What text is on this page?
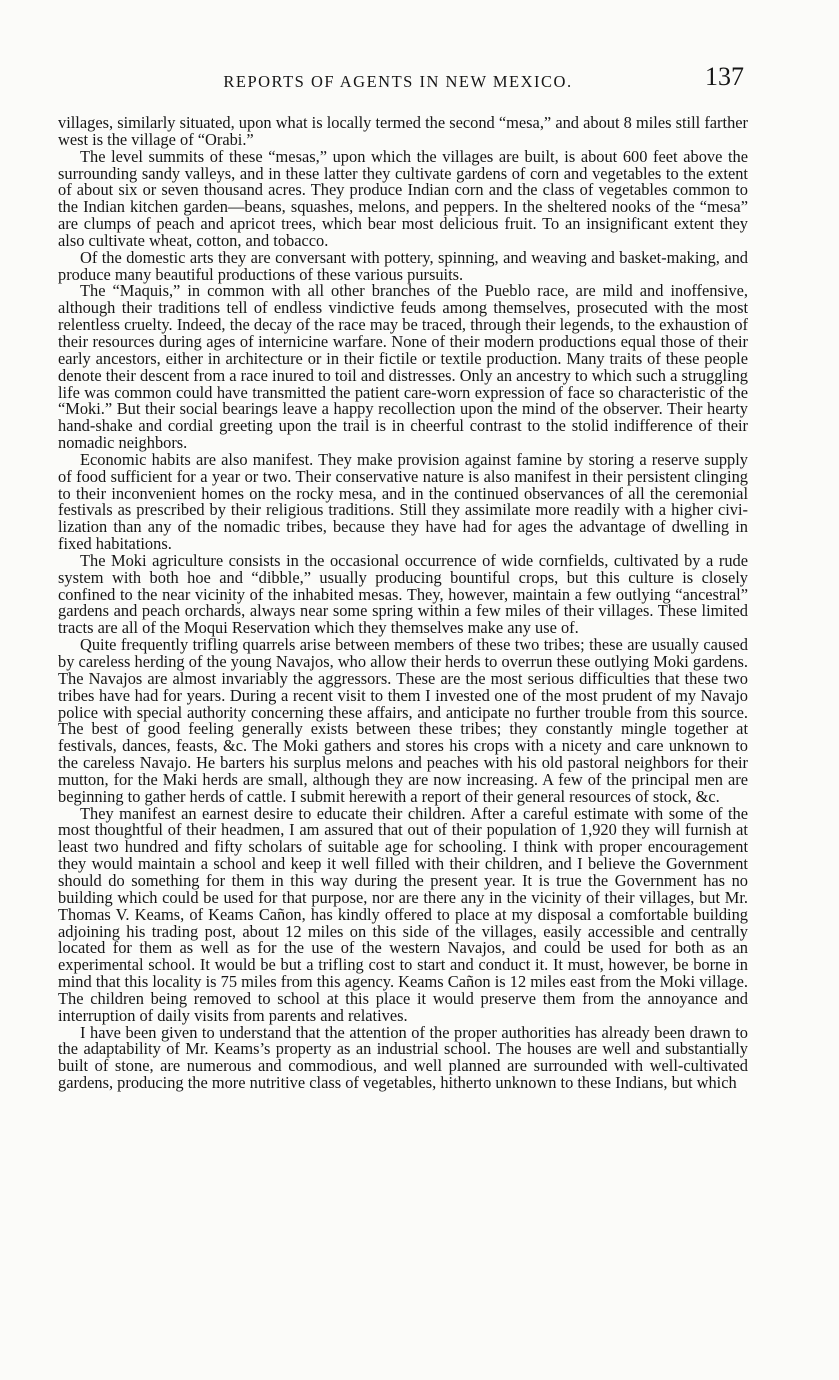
REPORTS OF AGENTS IN NEW MEXICO.	137

villages, similarly situated, upon what is locally termed the second “mesa,” and about 8 miles still farther west is the village of “Orabi.”

The level summits of these “mesas,” upon which the villages are built, is about 600 feet above the surrounding sandy valleys, and in these latter they cultivate gardens of corn and vegetables to the extent of about six or seven thousand acres. They produce Indian corn and the class of vegetables common to the Indian kitchen garden—beans, squashes, melons, and peppers. In the sheltered nooks of the “mesa” are clumps of peach and apricot trees, which bear most delicious fruit. To an insignificant extent they also cultivate wheat, cotton, and tobacco.

Of the domestic arts they are conversant with pottery, spinning, and weaving and basket-making, and produce many beautiful productions of these various pursuits.

The “Maquis,” in common with all other branches of the Pueblo race, are mild and inoffensive, although their traditions tell of endless vindictive feuds among themselves, prosecuted with the most relentless cruelty. Indeed, the decay of the race may be traced, through their legends, to the exhaustion of their resources during ages of internicine warfare. None of their modern productions equal those of their early ancestors, either in architecture or in their fictile or textile production. Many traits of these people denote their descent from a race inured to toil and distresses. Only an ancestry to which such a struggling life was common could have transmitted the patient care-worn expression of face so characteristic of the “Moki.” But their social bearings leave a happy recollection upon the mind of the observer. Their hearty hand-shake and cordial greeting upon the trail is in cheerful contrast to the stolid indifference of their nomadic neighbors.

Economic habits are also manifest. They make provision against famine by storing a reserve supply of food sufficient for a year or two. Their conservative nature is also manifest in their persistent clinging to their inconvenient homes on the rocky mesa, and in the continued observances of all the ceremonial festivals as prescribed by their religious traditions. Still they assimilate more readily with a higher civilization than any of the nomadic tribes, because they have had for ages the advantage of dwelling in fixed habitations.

The Moki agriculture consists in the occasional occurrence of wide cornfields, cultivated by a rude system with both hoe and “dibble,” usually producing bountiful crops, but this culture is closely confined to the near vicinity of the inhabited mesas. They, however, maintain a few outlying “ancestral” gardens and peach orchards, always near some spring within a few miles of their villages. These limited tracts are all of the Moqui Reservation which they themselves make any use of.

Quite frequently trifling quarrels arise between members of these two tribes; these are usually caused by careless herding of the young Navajos, who allow their herds to overrun these outlying Moki gardens. The Navajos are almost invariably the aggressors. These are the most serious difficulties that these two tribes have had for years. During a recent visit to them I invested one of the most prudent of my Navajo police with special authority concerning these affairs, and anticipate no further trouble from this source. The best of good feeling generally exists between these tribes; they constantly mingle together at festivals, dances, feasts, &c. The Moki gathers and stores his crops with a nicety and care unknown to the careless Navajo. He barters his surplus melons and peaches with his old pastoral neighbors for their mutton, for the Maki herds are small, although they are now increasing. A few of the principal men are beginning to gather herds of cattle. I submit herewith a report of their general resources of stock, &c.

They manifest an earnest desire to educate their children. After a careful estimate with some of the most thoughtful of their headmen, I am assured that out of their population of 1,920 they will furnish at least two hundred and fifty scholars of suitable age for schooling. I think with proper encouragement they would maintain a school and keep it well filled with their children, and I believe the Government should do something for them in this way during the present year. It is true the Government has no building which could be used for that purpose, nor are there any in the vicinity of their villages, but Mr. Thomas V. Keams, of Keams Cañon, has kindly offered to place at my disposal a comfortable building adjoining his trading post, about 12 miles on this side of the villages, easily accessible and centrally located for them as well as for the use of the western Navajos, and could be used for both as an experimental school. It would be but a trifling cost to start and conduct it. It must, however, be borne in mind that this locality is 75 miles from this agency. Keams Cañon is 12 miles east from the Moki village. The children being removed to school at this place it would preserve them from the annoyance and interruption of daily visits from parents and relatives.

I have been given to understand that the attention of the proper authorities has already been drawn to the adaptability of Mr. Keams’s property as an industrial school. The houses are well and substantially built of stone, are numerous and commodious, and well planned are surrounded with well-cultivated gardens, producing the more nutritive class of vegetables, hitherto unknown to these Indians, but which
